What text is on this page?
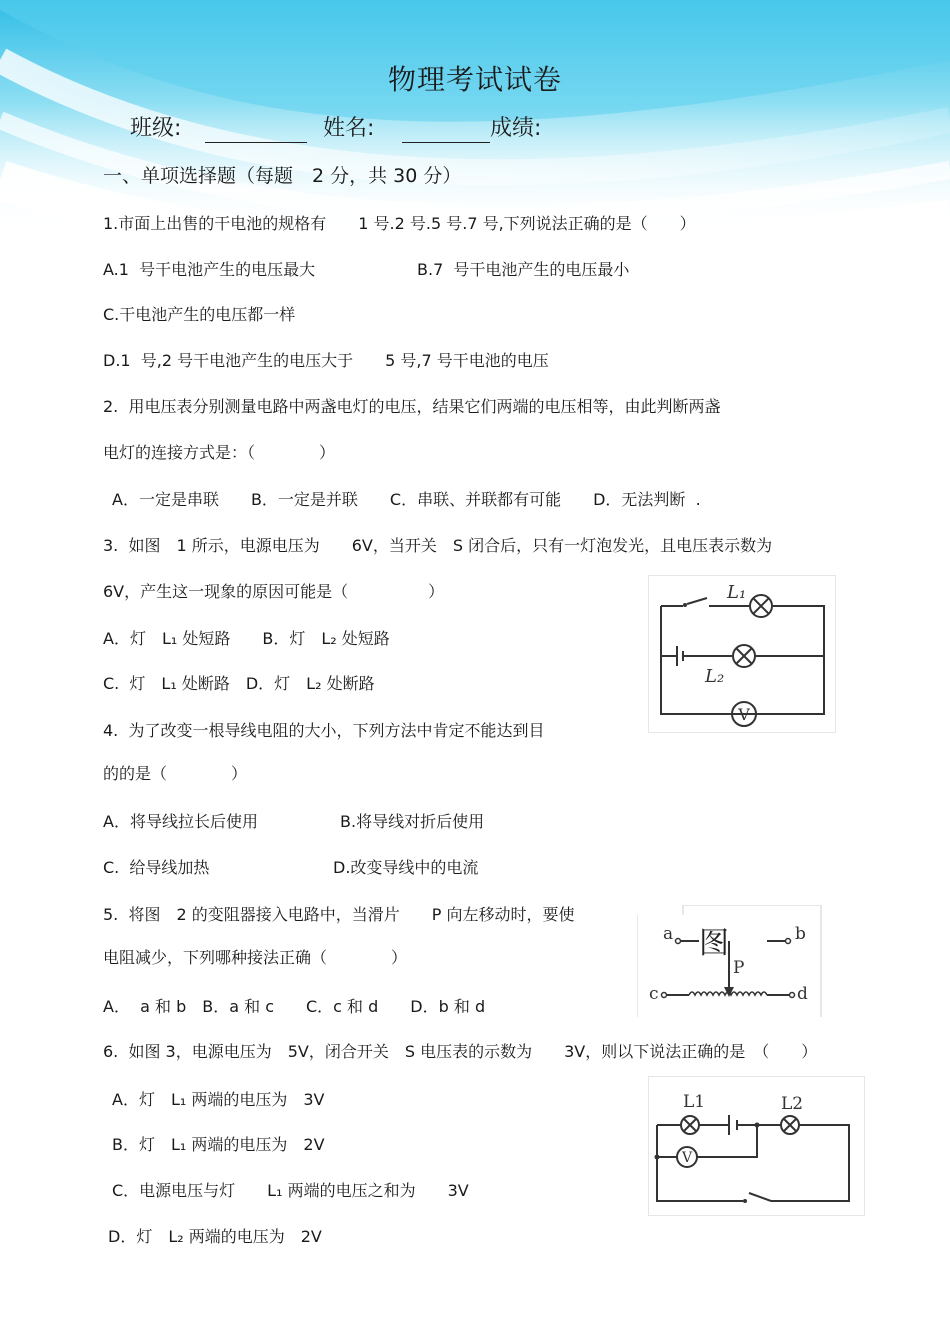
物理考试试卷
班级:	姓名:	成绩:
一、单项选择题（每题　2 分，共 30 分）
1.市面上出售的干电池的规格有　　1 号.2 号.5 号.7 号,下列说法正确的是（　　）
A.1  号干电池产生的电压最大	B.7  号干电池产生的电压最小
C.干电池产生的电压都一样
D.1  号,2 号干电池产生的电压大于　　5 号,7 号干电池的电压
2.  用电压表分别测量电路中两盏电灯的电压，结果它们两端的电压相等，由此判断两盏
电灯的连接方式是：（　　　　）
A．一定是串联　　B．一定是并联　　C．串联、并联都有可能　　D．无法判断  .
3.  如图　1 所示，电源电压为　　6V，当开关　S 闭合后，只有一灯泡发光，且电压表示数为
6V，产生这一现象的原因可能是（　　　　　）
A．灯　L₁ 处短路　　B．灯　L₂ 处短路
C.  灯　L₁ 处断路　D．灯　L₂ 处断路
V
L₁
L₂
4.  为了改变一根导线电阻的大小，下列方法中肯定不能达到目
的的是（　　　　）
A．将导线拉长后使用	B.将导线对折后使用
C.  给导线加热	D.改变导线中的电流
5.  将图　2 的变阻器接入电路中，当滑片　　P 向左移动时，要使
电阻减少，下列哪种接法正确（　　　　）
A．  a 和 b　B．a 和 c　　C．c 和 d　　D．b 和 d
a	b
图
P
c	d
6.  如图 3，电源电压为　5V，闭合开关　S 电压表的示数为　　3V，则以下说法正确的是　（　　）
A．灯　L₁ 两端的电压为　3V
B．灯　L₁ 两端的电压为　2V
C．电源电压与灯　　L₁ 两端的电压之和为　　3V
D．灯　L₂ 两端的电压为　2V
L1	L2
V
